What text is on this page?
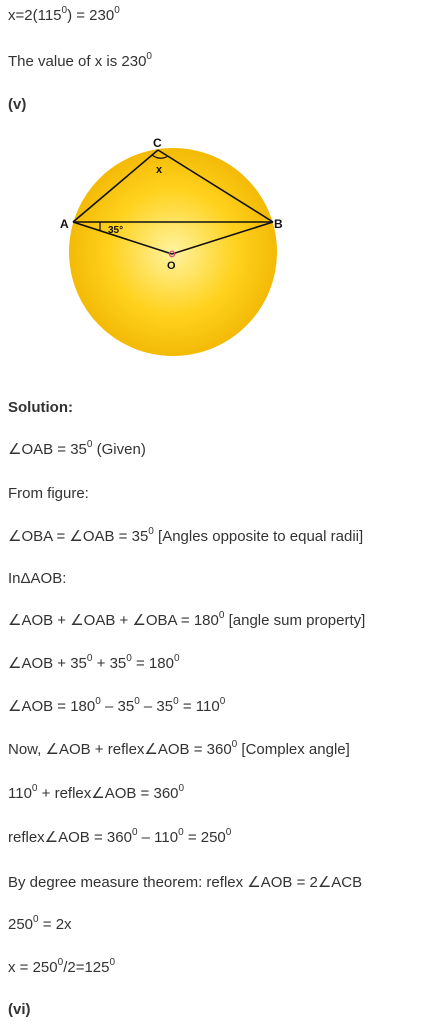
$x=2(115^0) = 230^0$
The value of x is $230^0$
(v)
C
x
A	B
35°
O
Solution:
∠OAB = $35^0$ (Given)
From figure:
∠OBA = ∠OAB = $35^0$ [Angles opposite to equal radii]
InΔAOB:
∠AOB + ∠OAB + ∠OBA = $180^0$ [angle sum property]
∠AOB + $35^0 + 35^0 = 180^0$
∠AOB = $180^0 - 35^0 - 35^0 = 110^0$
Now, ∠AOB + reflex∠AOB = $360^0$ [Complex angle]
$110^0$ + reflex∠AOB = $360^0$
reflex∠AOB = $360^0 - 110^0 = 250^0$
By degree measure theorem: reflex ∠AOB = 2∠ACB
$250^0 = 2x$
$x = 250^0/2=125^0$
(vi)
